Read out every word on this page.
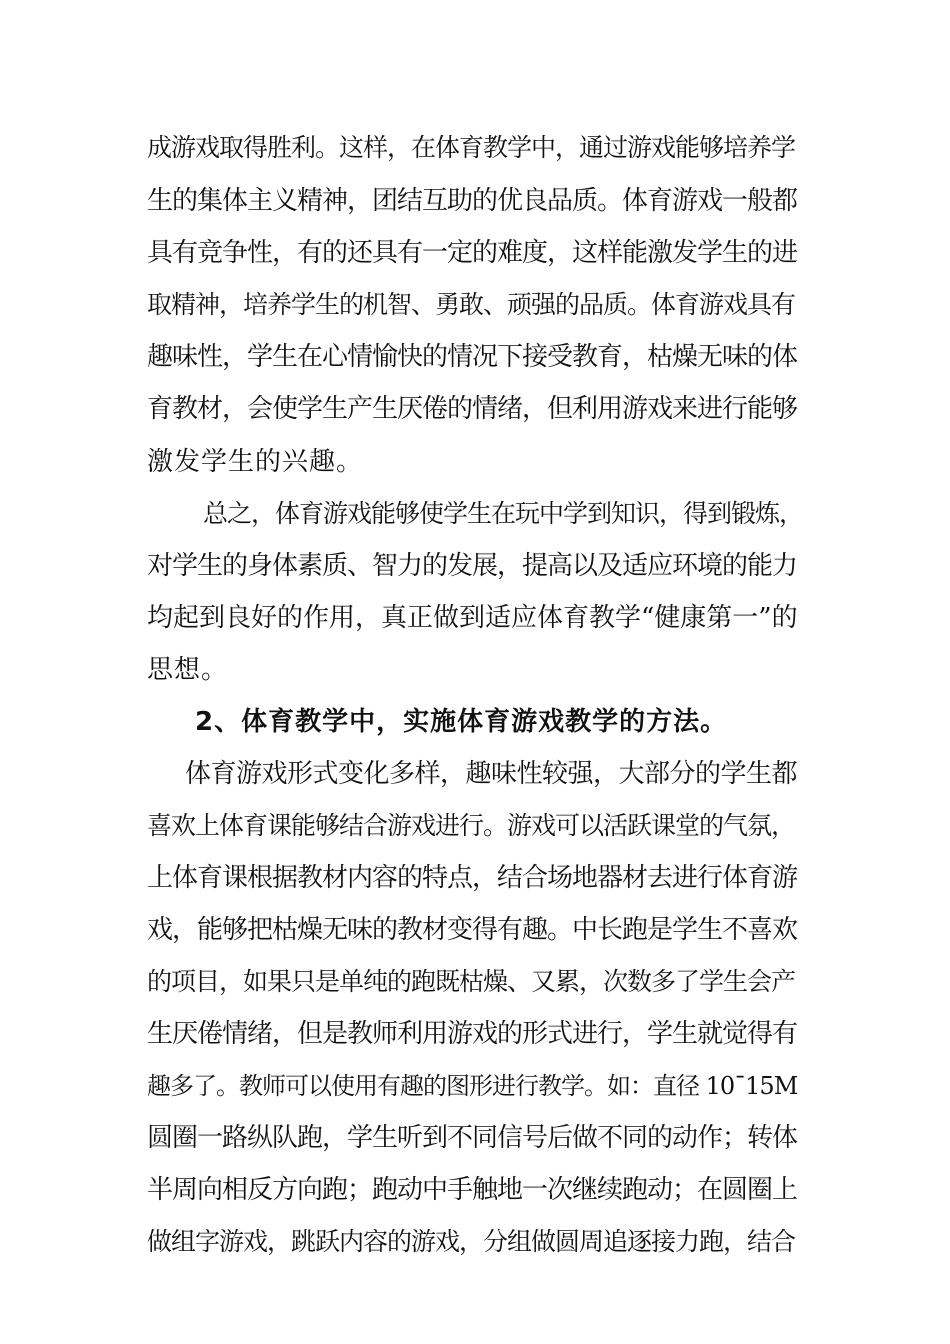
成游戏取得胜利。这样，在体育教学中，通过游戏能够培养学
生的集体主义精神，团结互助的优良品质。体育游戏一般都
具有竞争性，有的还具有一定的难度，这样能激发学生的进
取精神，培养学生的机智、勇敢、顽强的品质。体育游戏具有
趣味性，学生在心情愉快的情况下接受教育，枯燥无味的体
育教材，会使学生产生厌倦的情绪，但利用游戏来进行能够
激发学生的兴趣。
总之，体育游戏能够使学生在玩中学到知识，得到锻炼，
对学生的身体素质、智力的发展，提高以及适应环境的能力
均起到良好的作用，真正做到适应体育教学“健康第一”的
思想。
2、体育教学中，实施体育游戏教学的方法。
体育游戏形式变化多样，趣味性较强，大部分的学生都
喜欢上体育课能够结合游戏进行。游戏可以活跃课堂的气氛，
上体育课根据教材内容的特点，结合场地器材去进行体育游
戏，能够把枯燥无味的教材变得有趣。中长跑是学生不喜欢
的项目，如果只是单纯的跑既枯燥、又累，次数多了学生会产
生厌倦情绪，但是教师利用游戏的形式进行，学生就觉得有
趣多了。教师可以使用有趣的图形进行教学。如：直径 10¯15M
圆圈一路纵队跑，学生听到不同信号后做不同的动作；转体
半周向相反方向跑；跑动中手触地一次继续跑动；在圆圈上
做组字游戏，跳跃内容的游戏，分组做圆周追逐接力跑，结合
